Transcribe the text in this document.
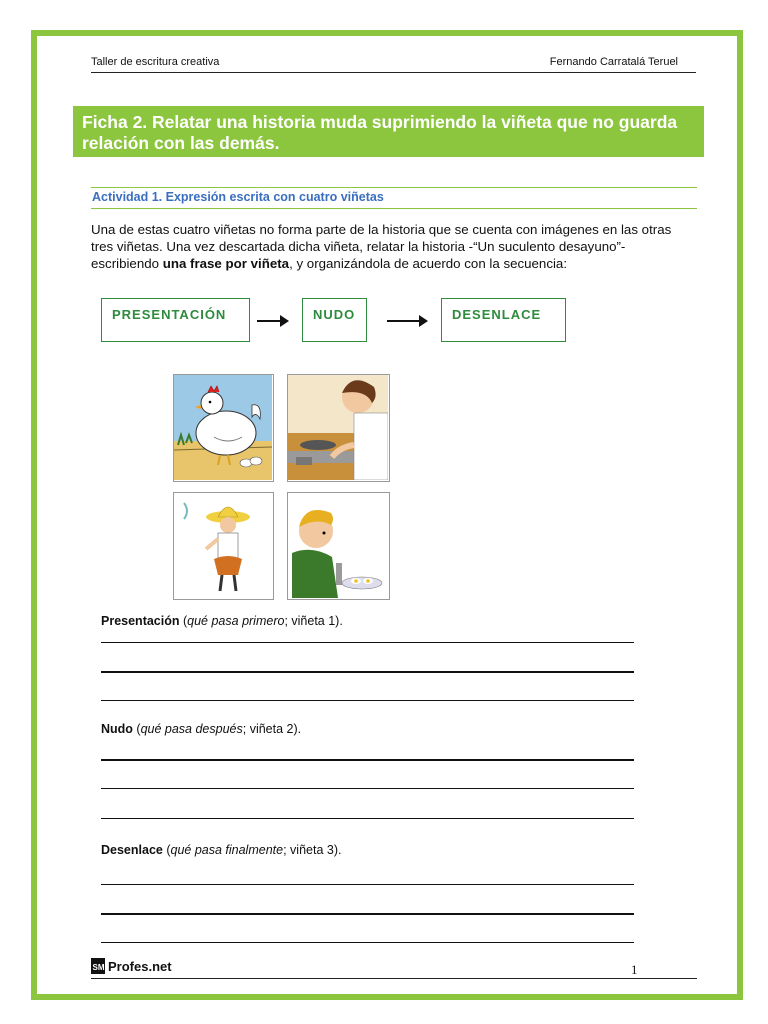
Taller de escritura creativa	Fernando Carratalá Teruel
Ficha 2. Relatar una historia muda suprimiendo la viñeta que no guarda relación con las demás.
Actividad 1. Expresión escrita con cuatro viñetas
Una de estas cuatro viñetas no forma parte de la historia que se cuenta con imágenes en las otras tres viñetas. Una vez descartada dicha viñeta, relatar la historia -“Un suculento desayuno”- escribiendo una frase por viñeta, y organizándola de acuerdo con la secuencia:
PRESENTACIÓN	NUDO	DESENLACE
Presentación (qué pasa primero; viñeta 1).
Nudo (qué pasa después; viñeta 2).
Desenlace (qué pasa finalmente; viñeta 3).
SM Profes.net	1
